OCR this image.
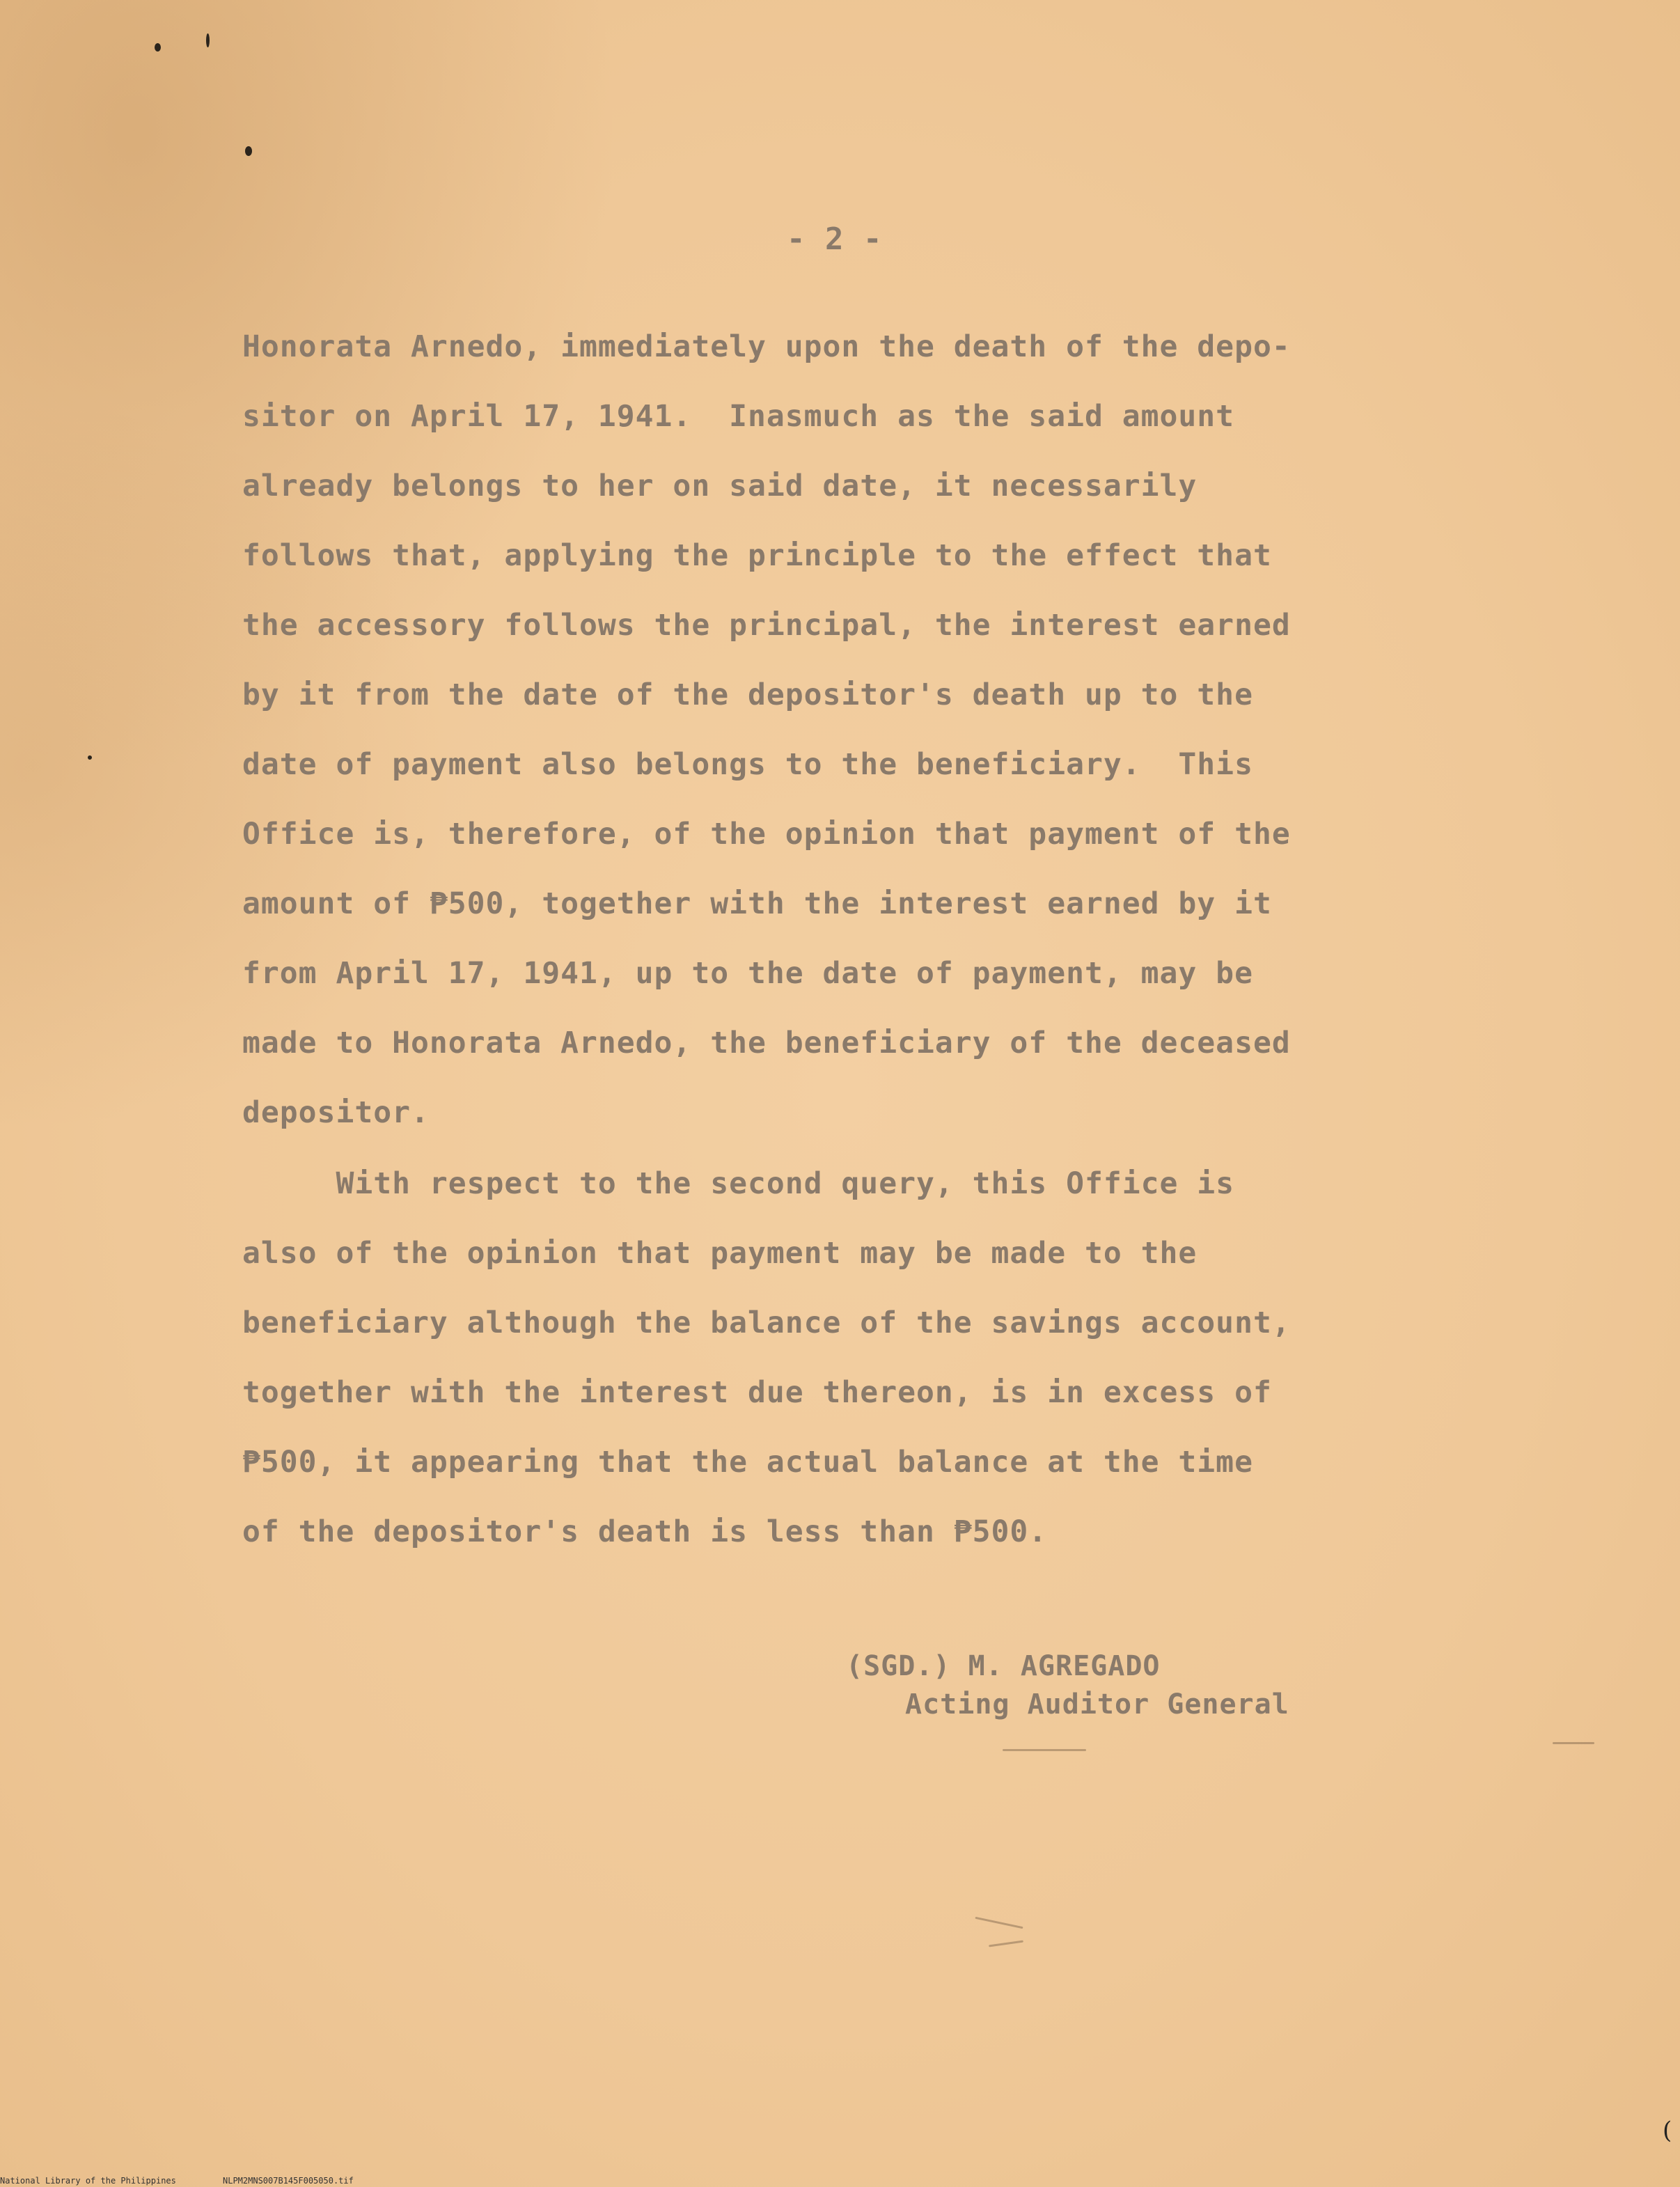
- 2 -
Honorata Arnedo, immediately upon the death of the depo-
sitor on April 17, 1941.  Inasmuch as the said amount
already belongs to her on said date, it necessarily
follows that, applying the principle to the effect that
the accessory follows the principal, the interest earned
by it from the date of the depositor's death up to the
date of payment also belongs to the beneficiary.  This
Office is, therefore, of the opinion that payment of the
amount of ₱500, together with the interest earned by it
from April 17, 1941, up to the date of payment, may be
made to Honorata Arnedo, the beneficiary of the deceased
depositor.
With respect to the second query, this Office is
also of the opinion that payment may be made to the
beneficiary although the balance of the savings account,
together with the interest due thereon, is in excess of
₱500, it appearing that the actual balance at the time
of the depositor's death is less than ₱500.
(SGD.) M. AGREGADO
Acting Auditor General
(
National Library of the Philippines	NLPM2MNS007B145F005050.tif
